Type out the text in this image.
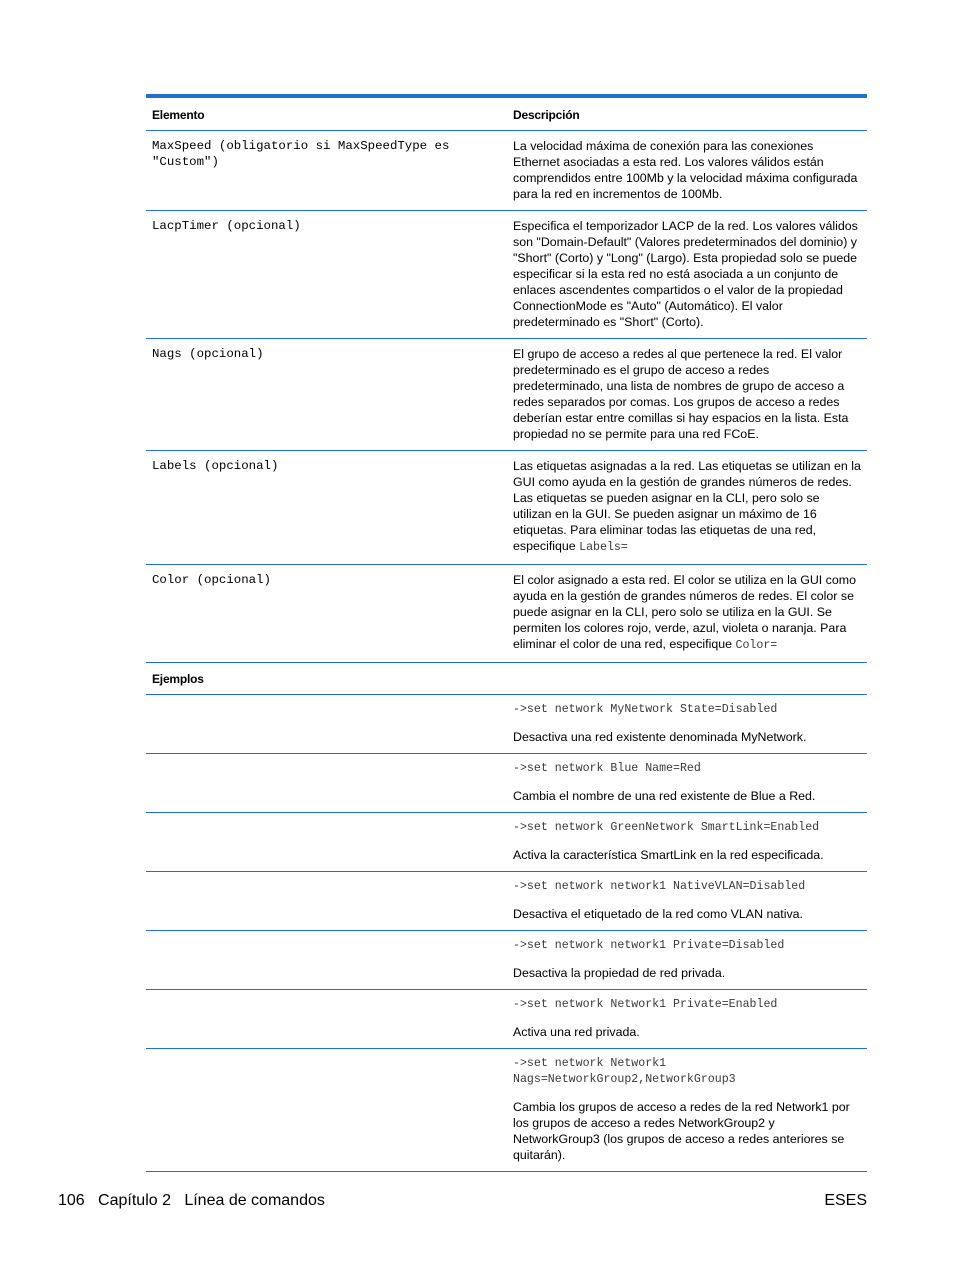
Elemento	Descripción
MaxSpeed (obligatorio si MaxSpeedType es "Custom")	La velocidad máxima de conexión para las conexiones Ethernet asociadas a esta red. Los valores válidos están comprendidos entre 100Mb y la velocidad máxima configurada para la red en incrementos de 100Mb.
LacpTimer (opcional)	Especifica el temporizador LACP de la red. Los valores válidos son "Domain-Default" (Valores predeterminados del dominio) y "Short" (Corto) y "Long" (Largo). Esta propiedad solo se puede especificar si la esta red no está asociada a un conjunto de enlaces ascendentes compartidos o el valor de la propiedad ConnectionMode es "Auto" (Automático). El valor predeterminado es "Short" (Corto).
Nags (opcional)	El grupo de acceso a redes al que pertenece la red. El valor predeterminado es el grupo de acceso a redes predeterminado, una lista de nombres de grupo de acceso a redes separados por comas. Los grupos de acceso a redes deberían estar entre comillas si hay espacios en la lista. Esta propiedad no se permite para una red FCoE.
Labels (opcional)	Las etiquetas asignadas a la red. Las etiquetas se utilizan en la GUI como ayuda en la gestión de grandes números de redes. Las etiquetas se pueden asignar en la CLI, pero solo se utilizan en la GUI. Se pueden asignar un máximo de 16 etiquetas. Para eliminar todas las etiquetas de una red, especifique Labels=
Color (opcional)	El color asignado a esta red. El color se utiliza en la GUI como ayuda en la gestión de grandes números de redes. El color se puede asignar en la CLI, pero solo se utiliza en la GUI. Se permiten los colores rojo, verde, azul, violeta o naranja. Para eliminar el color de una red, especifique Color=
Ejemplos	

	->set network MyNetwork State=Disabled
Desactiva una red existente denominada MyNetwork.

	->set network Blue Name=Red
Cambia el nombre de una red existente de Blue a Red.

	->set network GreenNetwork SmartLink=Enabled
Activa la característica SmartLink en la red especificada.

	->set network network1 NativeVLAN=Disabled
Desactiva el etiquetado de la red como VLAN nativa.

	->set network network1 Private=Disabled
Desactiva la propiedad de red privada.

	->set network Network1 Private=Enabled
Activa una red privada.

	->set network Network1
Nags=NetworkGroup2,NetworkGroup3
Cambia los grupos de acceso a redes de la red Network1 por los grupos de acceso a redes NetworkGroup2 y NetworkGroup3 (los grupos de acceso a redes anteriores se quitarán).
106 Capítulo 2 Línea de comandos	ESES
